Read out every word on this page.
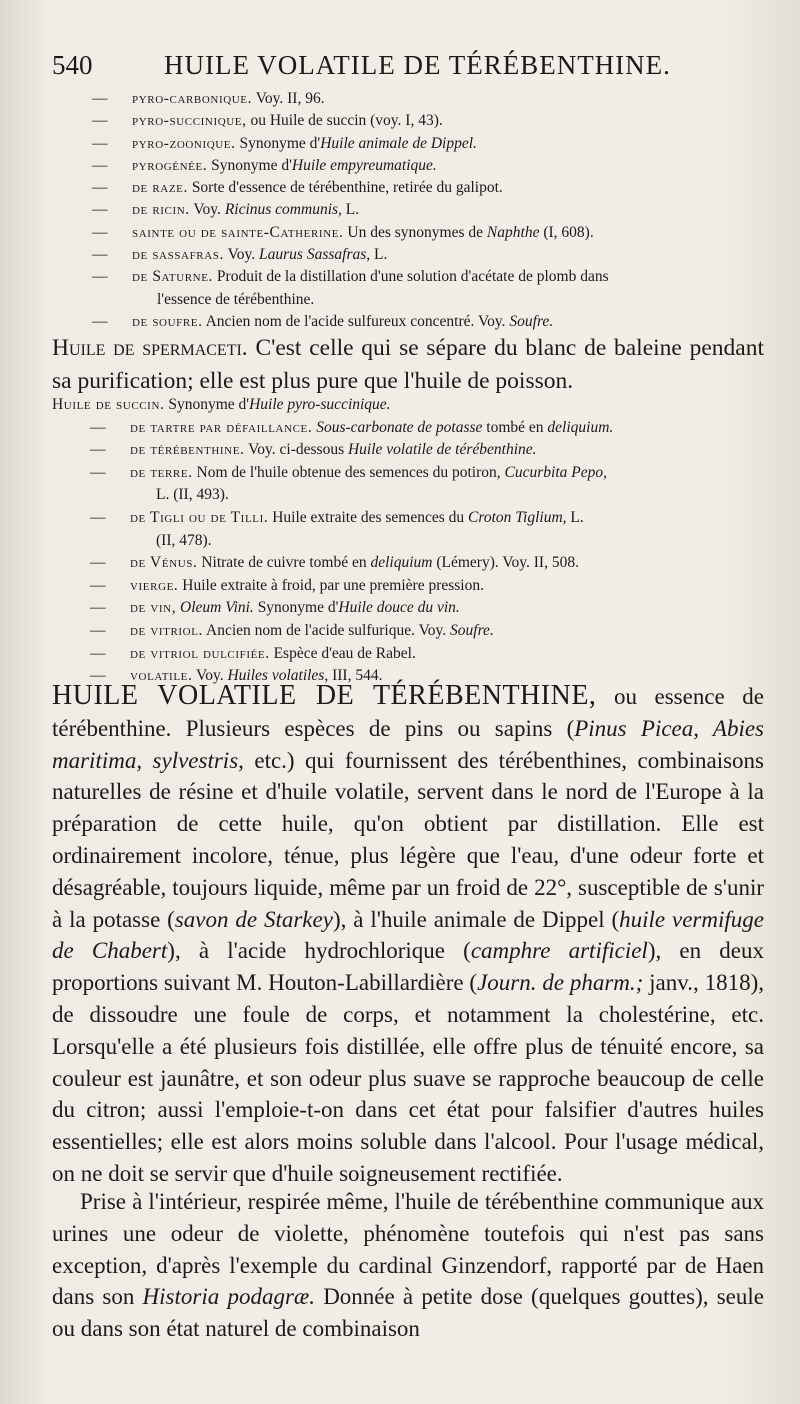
540	HUILE VOLATILE DE TÉRÉBENTHINE.
— pyro-carbonique. Voy. II, 96.
— pyro-succinique, ou Huile de succin (voy. I, 43).
— pyro-zoonique. Synonyme d'Huile animale de Dippel.
— pyrogénée. Synonyme d'Huile empyreumatique.
— de raze. Sorte d'essence de térébenthine, retirée du galipot.
— de ricin. Voy. Ricinus communis, L.
— sainte ou de sainte-Catherine. Un des synonymes de Naphthe (I, 608).
— de sassafras. Voy. Laurus Sassafras, L.
— de Saturne. Produit de la distillation d'une solution d'acétate de plomb dans
l'essence de térébenthine.
— de soufre. Ancien nom de l'acide sulfureux concentré. Voy. Soufre.
Huile de spermaceti. C'est celle qui se sépare du blanc de baleine pendant sa purification; elle est plus pure que l'huile de poisson.
Huile de succin. Synonyme d'Huile pyro-succinique.
— de tartre par défaillance. Sous-carbonate de potasse tombé en deliquium.
— de térébenthine. Voy. ci-dessous Huile volatile de térébenthine.
— de terre. Nom de l'huile obtenue des semences du potiron, Cucurbita Pepo,
L. (II, 493).
— de Tigli ou de Tilli. Huile extraite des semences du Croton Tiglium, L.
(II, 478).
— de Vénus. Nitrate de cuivre tombé en deliquium (Lémery). Voy. II, 508.
— vierge. Huile extraite à froid, par une première pression.
— de vin, Oleum Vini. Synonyme d'Huile douce du vin.
— de vitriol. Ancien nom de l'acide sulfurique. Voy. Soufre.
— de vitriol dulcifiée. Espèce d'eau de Rabel.
— volatile. Voy. Huiles volatiles, III, 544.
HUILE VOLATILE DE TÉRÉBENTHINE, ou essence de térébenthine. Plusieurs espèces de pins ou sapins (Pinus Picea, Abies maritima, sylvestris, etc.) qui fournissent des térébenthines, combinaisons naturelles de résine et d'huile volatile, servent dans le nord de l'Europe à la préparation de cette huile, qu'on obtient par distillation. Elle est ordinairement incolore, ténue, plus légère que l'eau, d'une odeur forte et désagréable, toujours liquide, même par un froid de 22°, susceptible de s'unir à la potasse (savon de Starkey), à l'huile animale de Dippel (huile vermifuge de Chabert), à l'acide hydrochlorique (camphre artificiel), en deux proportions suivant M. Houton-Labillardière (Journ. de pharm.; janv., 1818), de dissoudre une foule de corps, et notamment la cholestérine, etc. Lorsqu'elle a été plusieurs fois distillée, elle offre plus de ténuité encore, sa couleur est jaunâtre, et son odeur plus suave se rapproche beaucoup de celle du citron; aussi l'emploie-t-on dans cet état pour falsifier d'autres huiles essentielles; elle est alors moins soluble dans l'alcool. Pour l'usage médical, on ne doit se servir que d'huile soigneusement rectifiée.
Prise à l'intérieur, respirée même, l'huile de térébenthine communique aux urines une odeur de violette, phénomène toutefois qui n'est pas sans exception, d'après l'exemple du cardinal Ginzendorf, rapporté par de Haen dans son Historia podagræ. Donnée à petite dose (quelques gouttes), seule ou dans son état naturel de combinaison
